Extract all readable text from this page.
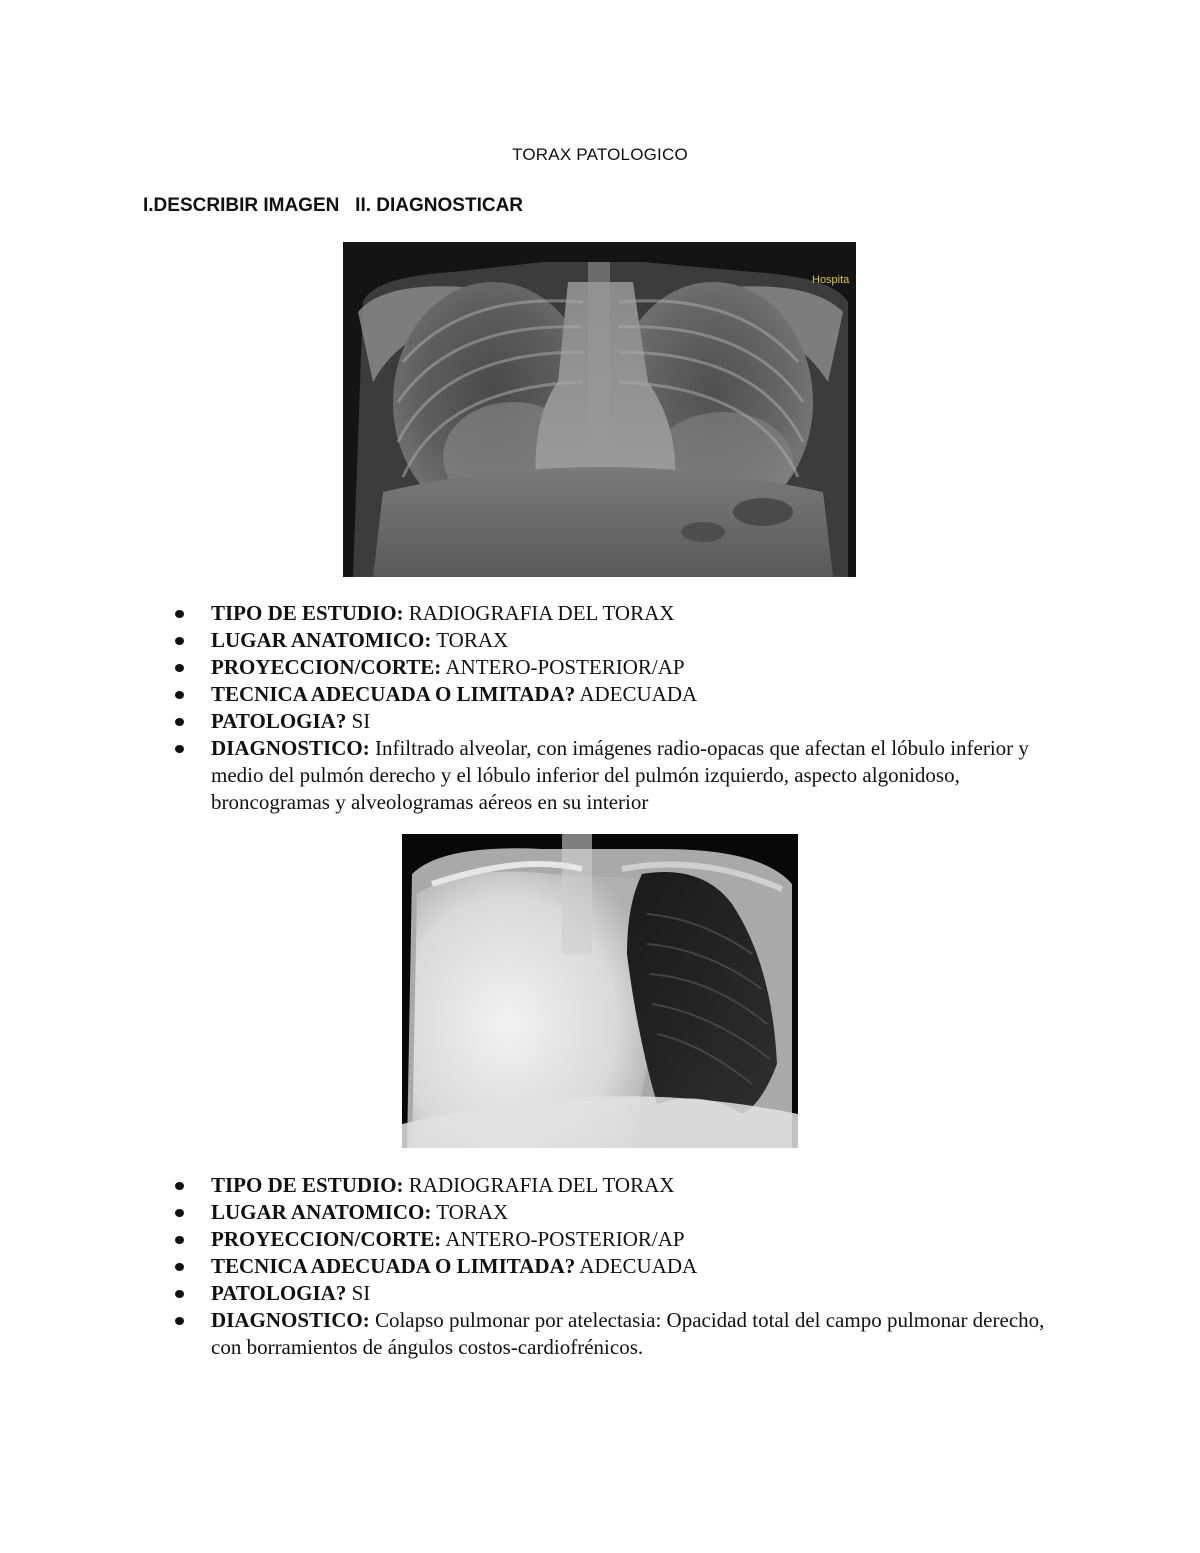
TORAX PATOLOGICO
I.DESCRIBIR IMAGEN   II. DIAGNOSTICAR
Hospita
TIPO DE ESTUDIO: RADIOGRAFIA DEL TORAX
LUGAR ANATOMICO: TORAX
PROYECCION/CORTE: ANTERO-POSTERIOR/AP
TECNICA ADECUADA O LIMITADA? ADECUADA
PATOLOGIA? SI
DIAGNOSTICO: Infiltrado alveolar, con imágenes radio-opacas que afectan el lóbulo inferior y medio del pulmón derecho y el lóbulo inferior del pulmón izquierdo, aspecto algonidoso, broncogramas y alveologramas aéreos en su interior
TIPO DE ESTUDIO: RADIOGRAFIA DEL TORAX
LUGAR ANATOMICO: TORAX
PROYECCION/CORTE: ANTERO-POSTERIOR/AP
TECNICA ADECUADA O LIMITADA? ADECUADA
PATOLOGIA? SI
DIAGNOSTICO: Colapso pulmonar por atelectasia: Opacidad total del campo pulmonar derecho, con borramientos de ángulos costos-cardiofrénicos.
